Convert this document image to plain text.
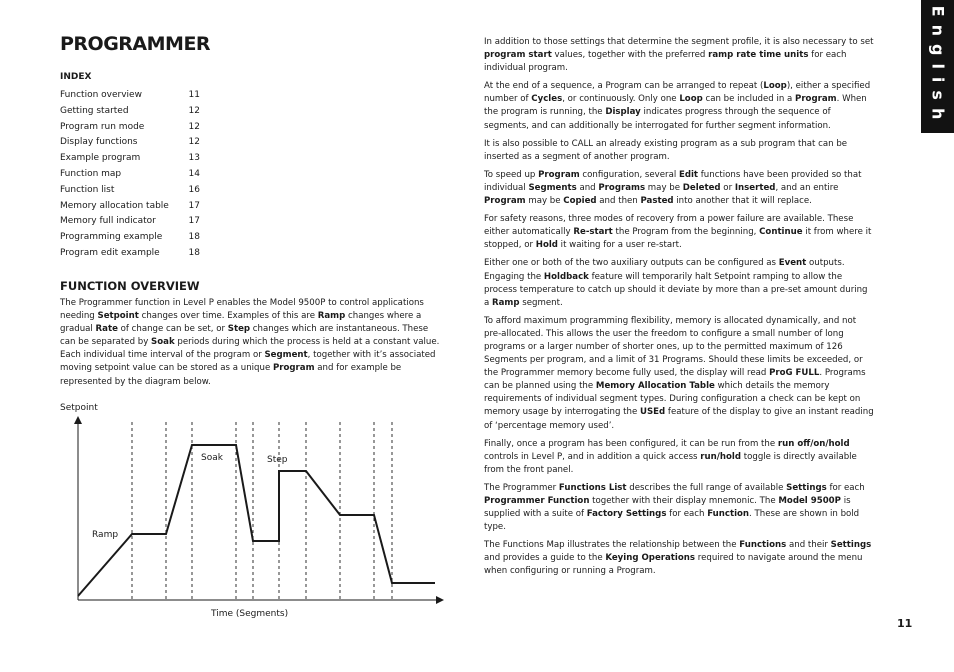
PROGRAMMER	English
INDEX
Function overview	11
Getting started	12
Program run mode	12
Display functions	12
Example program	13
Function map	14
Function list	16
Memory allocation table 17
Memory full indicator	17
Programming example	18
Program edit example	18
FUNCTION OVERVIEW

The Programmer function in Level P enables the Model 9500P to control applications needing Setpoint changes over time. Examples of this are Ramp changes where a gradual Rate of change can be set, or Step changes which are instantaneous. These can be separated by Soak periods during which the process is held at a constant value. Each individual time interval of the program or Segment, together with it’s associated moving setpoint value can be stored as a unique Program and for example be represented by the diagram below.

Setpoint
Ramp
Soak	Step
Time (Segments)

In addition to those settings that determine the segment profile, it is also necessary to set program start values, together with the preferred ramp rate time units for each individual program.

At the end of a sequence, a Program can be arranged to repeat (Loop), either a specified number of Cycles, or continuously. Only one Loop can be included in a Program. When the program is running, the Display indicates progress through the sequence of segments, and can additionally be interrogated for further segment information.

It is also possible to CALL an already existing program as a sub program that can be inserted as a segment of another program.

To speed up Program configuration, several Edit functions have been provided so that individual Segments and Programs may be Deleted or Inserted, and an entire Program may be Copied and then Pasted into another that it will replace.

For safety reasons, three modes of recovery from a power failure are available. These either automatically Re-start the Program from the beginning, Continue it from where it stopped, or Hold it waiting for a user re-start.

Either one or both of the two auxiliary outputs can be configured as Event outputs. Engaging the Holdback feature will temporarily halt Setpoint ramping to allow the process temperature to catch up should it deviate by more than a pre-set amount during a Ramp segment.

To afford maximum programming flexibility, memory is allocated dynamically, and not pre-allocated. This allows the user the freedom to configure a small number of long programs or a larger number of shorter ones, up to the permitted maximum of 126 Segments per program, and a limit of 31 Programs. Should these limits be exceeded, or the Programmer memory become fully used, the display will read ProG FULL. Programs can be planned using the Memory Allocation Table which details the memory requirements of individual segment types. During configuration a check can be kept on memory usage by interrogating the USEd feature of the display to give an instant reading of ‘percentage memory used’.

Finally, once a program has been configured, it can be run from the run off/on/hold controls in Level P, and in addition a quick access run/hold toggle is directly available from the front panel.

The Programmer Functions List describes the full range of available Settings for each Programmer Function together with their display mnemonic. The Model 9500P is supplied with a suite of Factory Settings for each Function. These are shown in bold type.

The Functions Map illustrates the relationship between the Functions and their Settings and provides a guide to the Keying Operations required to navigate around the menu when configuring or running a Program.

11
